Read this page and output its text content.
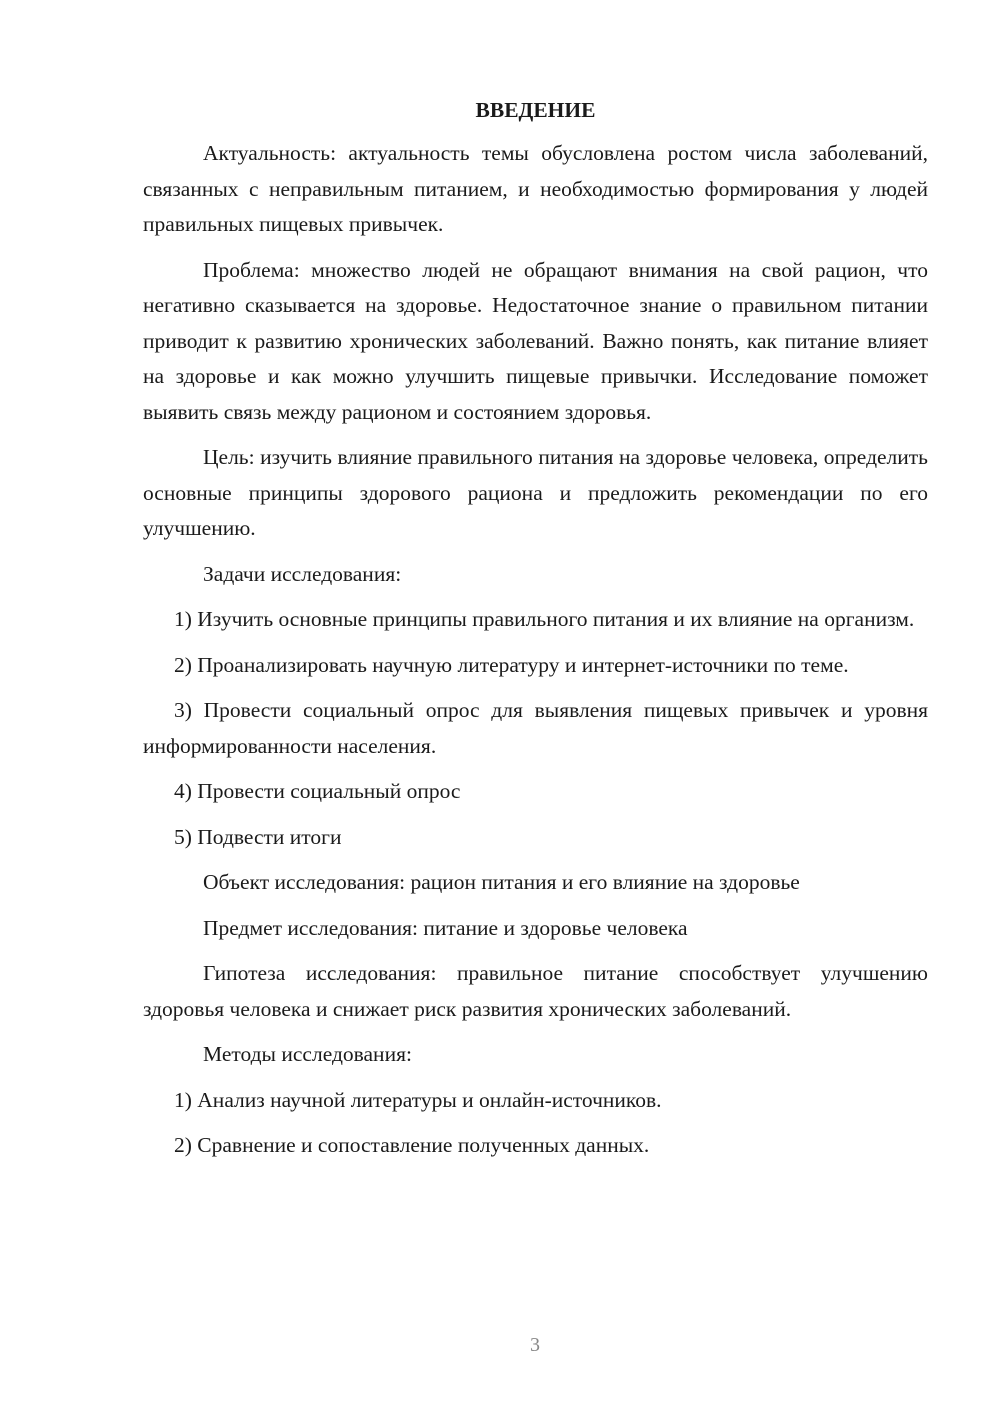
ВВЕДЕНИЕ

Актуальность: актуальность темы обусловлена ростом числа заболеваний, связанных с неправильным питанием, и необходимостью формирования у людей правильных пищевых привычек.

Проблема: множество людей не обращают внимания на свой рацион, что негативно сказывается на здоровье. Недостаточное знание о правильном питании приводит к развитию хронических заболеваний. Важно понять, как питание влияет на здоровье и как можно улучшить пищевые привычки. Исследование поможет выявить связь между рационом и состоянием здоровья.

Цель: изучить влияние правильного питания на здоровье человека, определить основные принципы здорового рациона и предложить рекомендации по его улучшению.

Задачи исследования:

1) Изучить основные принципы правильного питания и их влияние на организм.

2) Проанализировать научную литературу и интернет-источники по теме.

3) Провести социальный опрос для выявления пищевых привычек и уровня информированности населения.

4) Провести социальный опрос

5) Подвести итоги

Объект исследования: рацион питания и его влияние на здоровье

Предмет исследования: питание и здоровье человека

Гипотеза исследования: правильное питание способствует улучшению здоровья человека и снижает риск развития хронических заболеваний.

Методы исследования:

1) Анализ научной литературы и онлайн-источников.

2) Сравнение и сопоставление полученных данных.

3
